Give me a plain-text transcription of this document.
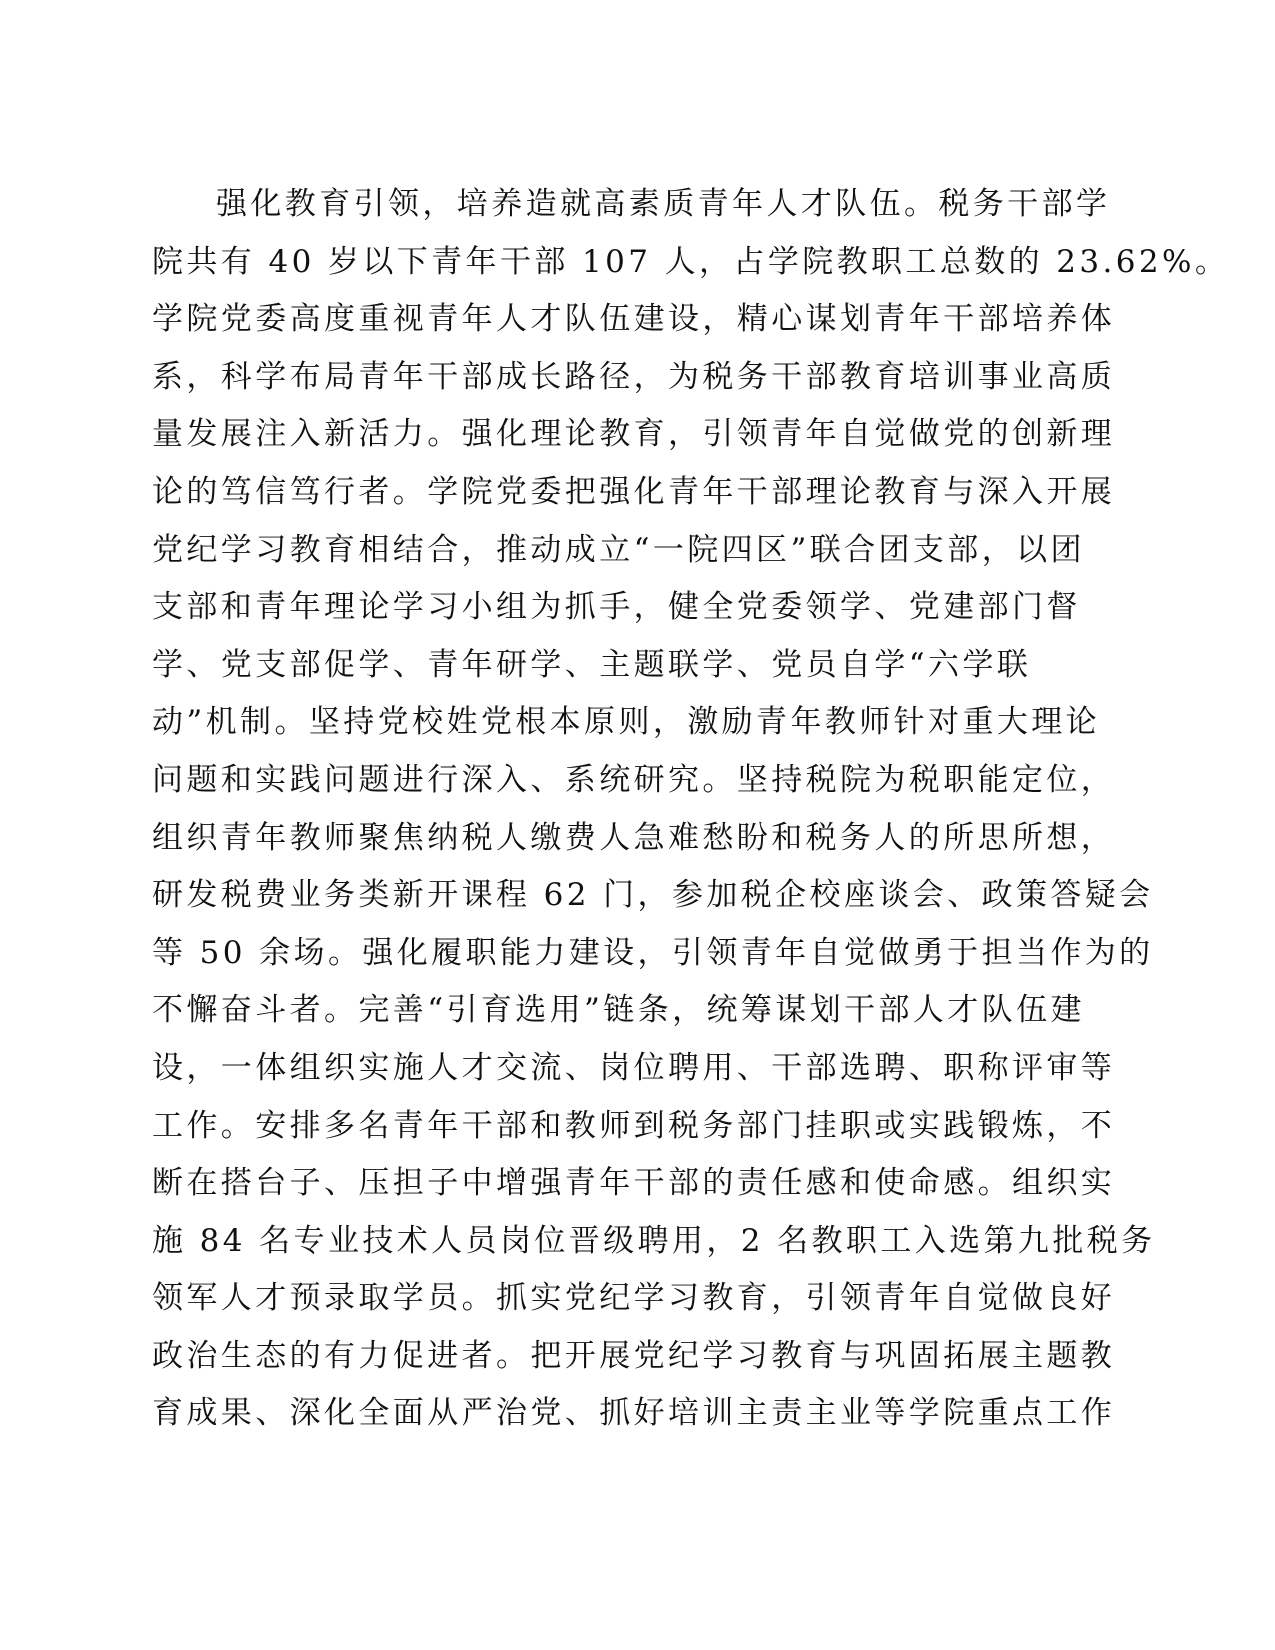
强化教育引领，培养造就高素质青年人才队伍。税务干部学
院共有 40 岁以下青年干部 107 人，占学院教职工总数的 23.62%。
学院党委高度重视青年人才队伍建设，精心谋划青年干部培养体
系，科学布局青年干部成长路径，为税务干部教育培训事业高质
量发展注入新活力。强化理论教育，引领青年自觉做党的创新理
论的笃信笃行者。学院党委把强化青年干部理论教育与深入开展
党纪学习教育相结合，推动成立“一院四区”联合团支部，以团
支部和青年理论学习小组为抓手，健全党委领学、党建部门督
学、党支部促学、青年研学、主题联学、党员自学“六学联
动”机制。坚持党校姓党根本原则，激励青年教师针对重大理论
问题和实践问题进行深入、系统研究。坚持税院为税职能定位，
组织青年教师聚焦纳税人缴费人急难愁盼和税务人的所思所想，
研发税费业务类新开课程 62 门，参加税企校座谈会、政策答疑会
等 50 余场。强化履职能力建设，引领青年自觉做勇于担当作为的
不懈奋斗者。完善“引育选用”链条，统筹谋划干部人才队伍建
设，一体组织实施人才交流、岗位聘用、干部选聘、职称评审等
工作。安排多名青年干部和教师到税务部门挂职或实践锻炼，不
断在搭台子、压担子中增强青年干部的责任感和使命感。组织实
施 84 名专业技术人员岗位晋级聘用，2 名教职工入选第九批税务
领军人才预录取学员。抓实党纪学习教育，引领青年自觉做良好
政治生态的有力促进者。把开展党纪学习教育与巩固拓展主题教
育成果、深化全面从严治党、抓好培训主责主业等学院重点工作
